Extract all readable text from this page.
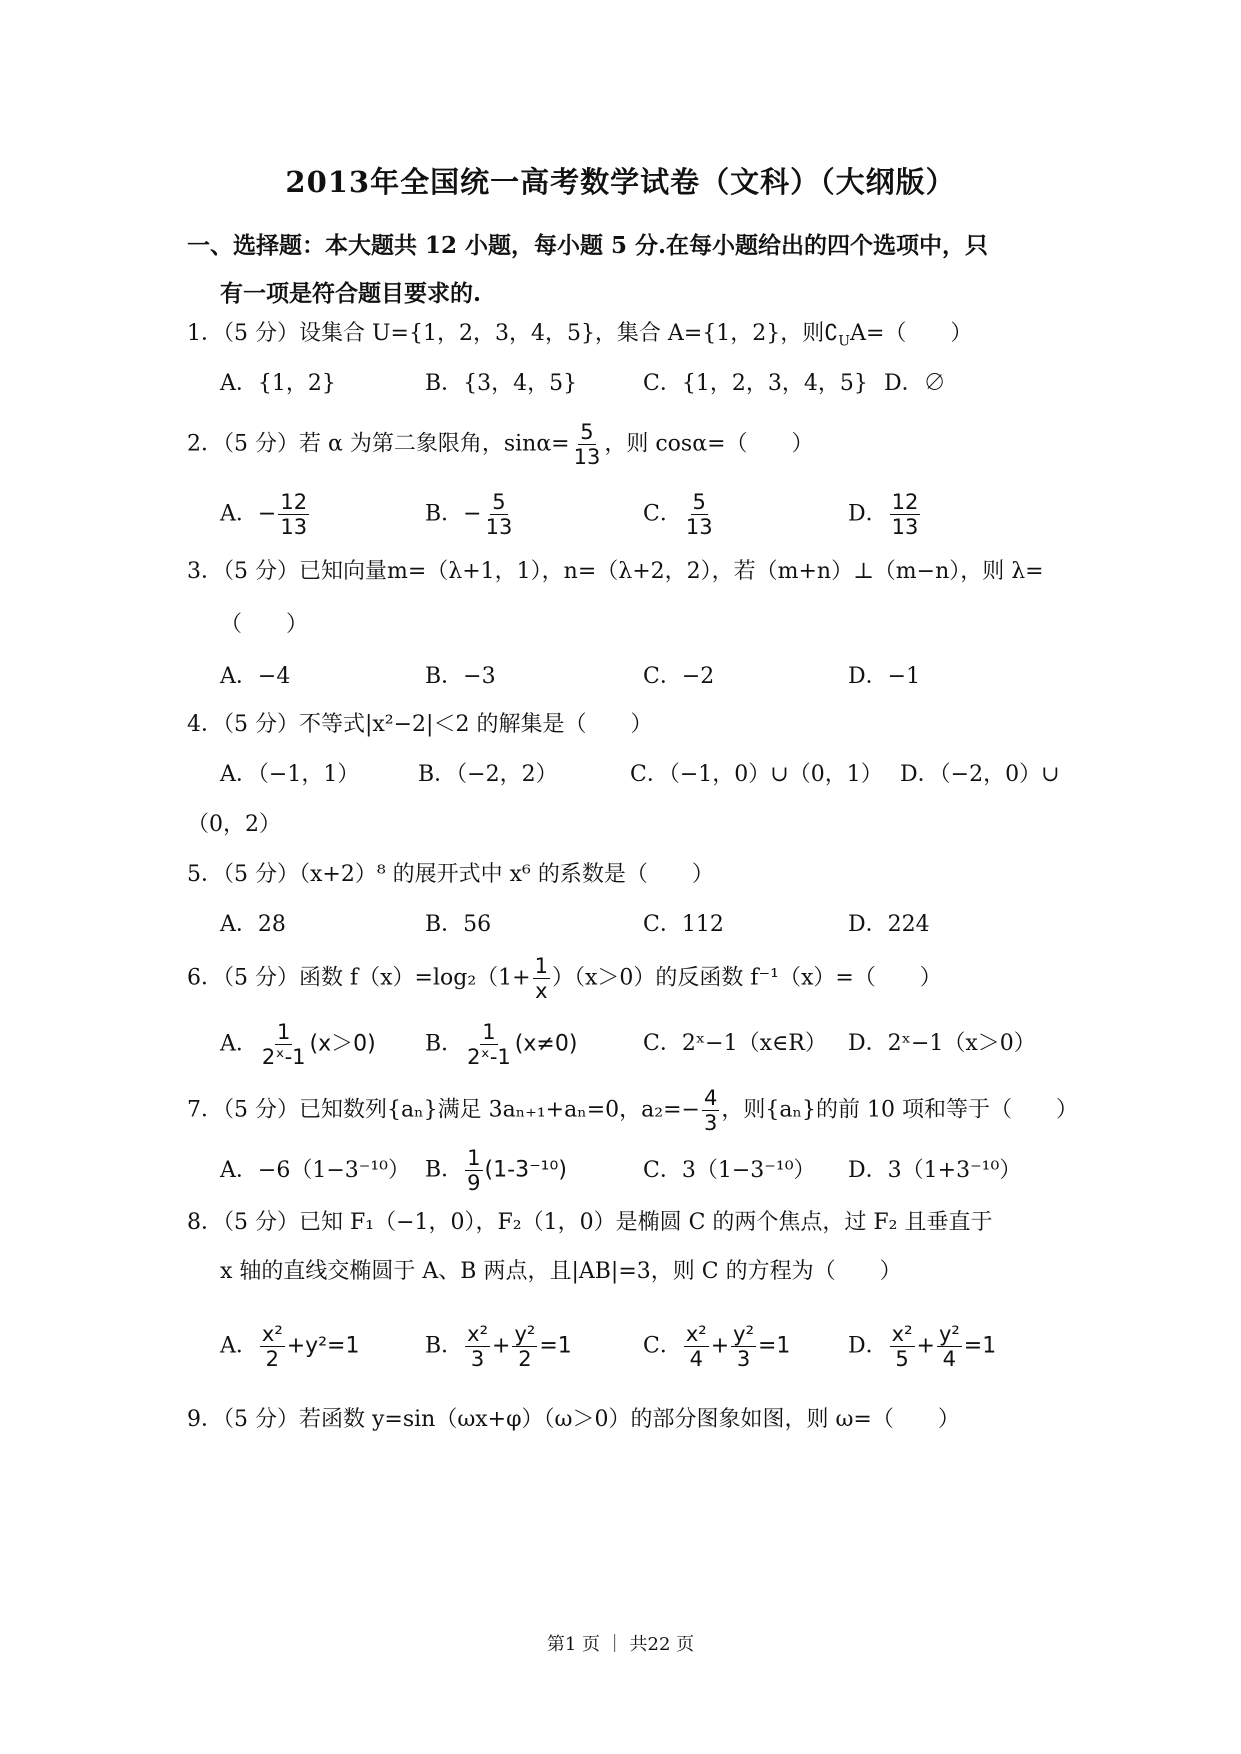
2013年全国统一高考数学试卷（文科）（大纲版）
一、选择题：本大题共 12 小题，每小题 5 分.在每小题给出的四个选项中，只
有一项是符合题目要求的.
1．（5 分）设集合 U={1，2，3，4，5}，集合 A={1，2}，则$∁_UA=$（　　）
A．{1，2}	B．{3，4，5}	C．{1，2，3，4，5} D．∅
2．（5 分）若 α 为第二象限角，$\sin\alpha= \frac{5}{13}$ ，则 cosα=（　　）
A．− $\frac{12}{13}$	B．− $\frac{5}{13}$	C． $\frac{5}{13}$	D． $\frac{12}{13}$
3．（5 分）已知向量m=（λ+1，1），n=（λ+2，2），若（m+n）⊥（m−n），则 λ=
（　　）
A．−4	B．−3	C．−2	D．−1
4．（5 分）不等式|x²−2|＜2 的解集是（　　）
A．（−1，1）	B．（−2，2）	C．（−1，0）∪（0，1） D．（−2，0）∪
（0，2）
5．（5 分）（x+2）⁸ 的展开式中 x⁶ 的系数是（　　）
A．28	B．56	C．112	D．224
6．（5 分）函数 $f(x)=\log_2(1+ \frac{1}{x} )(x>0)$的反函数 f⁻¹（x）=（　　）
A． $\frac{1}{\text{2ˣ-1}} (x>0)$ B． $\frac{1}{\text{2ˣ-1}} (x\ne 0)$	C．2ˣ−1（x∈R） D．2ˣ−1（x＞0）
7．（5 分）已知数列{aₙ}满足 3aₙ₊₁+aₙ=0，$a_2=- \frac{4}{3}$ ，则{aₙ}的前 10 项和等于（　　）
A．−6（1−3⁻¹⁰） B． $\frac{1}{9} (1-3^{-10})$	C．3（1−3⁻¹⁰） D．3（1+3⁻¹⁰）
8．（5 分）已知 F₁（−1，0），F₂（1，0）是椭圆 C 的两个焦点，过 F₂ 且垂直于
x 轴的直线交椭圆于 A、B 两点，且|AB|=3，则 C 的方程为（　　）
A． $\frac{\text{x²}}{2} +y^2=1$	B． $\frac{\text{x²}}{3} + \frac{\text{y²}}{2} =1$	C． $\frac{\text{x²}}{4} + \frac{\text{y²}}{3} =1$	D． $\frac{\text{x²}}{5} + \frac{\text{y²}}{4} =1$
9．（5 分）若函数 y=sin（ωx+φ）（ω＞0）的部分图象如图，则 ω=（　　）
第1 页 ｜ 共22 页
